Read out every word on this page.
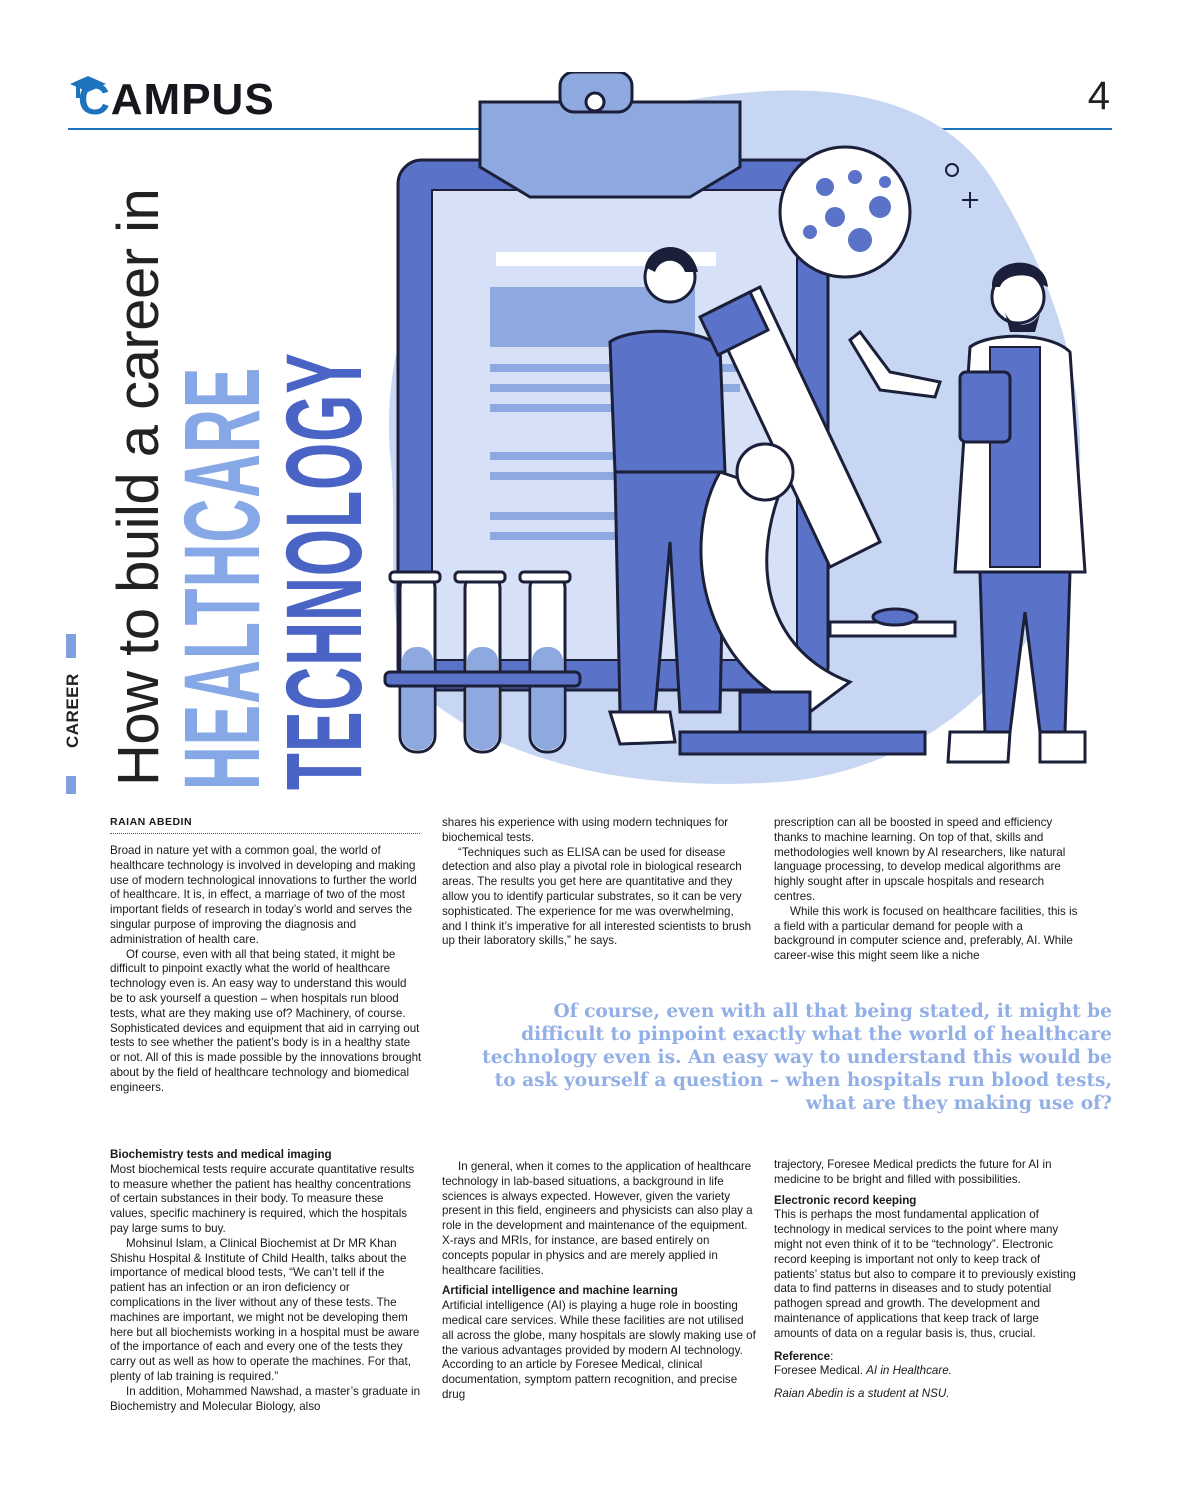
CAMPUS	4
CAREER How to build a career in
HEALTHCARE
TECHNOLOGY
RAIAN ABEDIN

Broad in nature yet with a common goal, the world of healthcare technology is involved in developing and making use of modern technological innovations to further the world of healthcare. It is, in effect, a marriage of two of the most important fields of research in today’s world and serves the singular purpose of improving the diagnosis and administration of health care.

Of course, even with all that being stated, it might be difficult to pinpoint exactly what the world of healthcare technology even is. An easy way to understand this would be to ask yourself a question – when hospitals run blood tests, what are they making use of? Machinery, of course. Sophisticated devices and equipment that aid in carrying out tests to see whether the patient’s body is in a healthy state or not. All of this is made possible by the innovations brought about by the field of healthcare technology and biomedical engineers.

shares his experience with using modern techniques for biochemical tests.

“Techniques such as ELISA can be used for disease detection and also play a pivotal role in biological research areas. The results you get here are quantitative and they allow you to identify particular substrates, so it can be very sophisticated. The experience for me was overwhelming, and I think it’s imperative for all interested scientists to brush up their laboratory skills,” he says.

prescription can all be boosted in speed and efficiency thanks to machine learning. On top of that, skills and methodologies well known by AI researchers, like natural language processing, to develop medical algorithms are highly sought after in upscale hospitals and research centres.

While this work is focused on healthcare facilities, this is a field with a particular demand for people with a background in computer science and, preferably, AI. While career-wise this might seem like a niche

Of course, even with all that being stated, it might be difficult to pinpoint exactly what the world of healthcare technology even is. An easy way to understand this would be to ask yourself a question – when hospitals run blood tests, what are they making use of?
Biochemistry tests and medical imaging

Most biochemical tests require accurate quantitative results to measure whether the patient has healthy concentrations of certain substances in their body. To measure these values, specific machinery is required, which the hospitals pay large sums to buy.

Mohsinul Islam, a Clinical Biochemist at Dr MR Khan Shishu Hospital & Institute of Child Health, talks about the importance of medical blood tests, “We can’t tell if the patient has an infection or an iron deficiency or complications in the liver without any of these tests. The machines are important, we might not be developing them here but all biochemists working in a hospital must be aware of the importance of each and every one of the tests they carry out as well as how to operate the machines. For that, plenty of lab training is required.”

In addition, Mohammed Nawshad, a master’s graduate in Biochemistry and Molecular Biology, also

In general, when it comes to the application of healthcare technology in lab-based situations, a background in life sciences is always expected. However, given the variety present in this field, engineers and physicists can also play a role in the development and maintenance of the equipment. X-rays and MRIs, for instance, are based entirely on concepts popular in physics and are merely applied in healthcare facilities.

Artificial intelligence and machine learning

Artificial intelligence (AI) is playing a huge role in boosting medical care services. While these facilities are not utilised all across the globe, many hospitals are slowly making use of the various advantages provided by modern AI technology. According to an article by Foresee Medical, clinical documentation, symptom pattern recognition, and precise drug

trajectory, Foresee Medical predicts the future for AI in medicine to be bright and filled with possibilities.

Electronic record keeping

This is perhaps the most fundamental application of technology in medical services to the point where many might not even think of it to be “technology”. Electronic record keeping is important not only to keep track of patients’ status but also to compare it to previously existing data to find patterns in diseases and to study potential pathogen spread and growth. The development and maintenance of applications that keep track of large amounts of data on a regular basis is, thus, crucial.

Reference:

Foresee Medical. AI in Healthcare.

Raian Abedin is a student at NSU.
